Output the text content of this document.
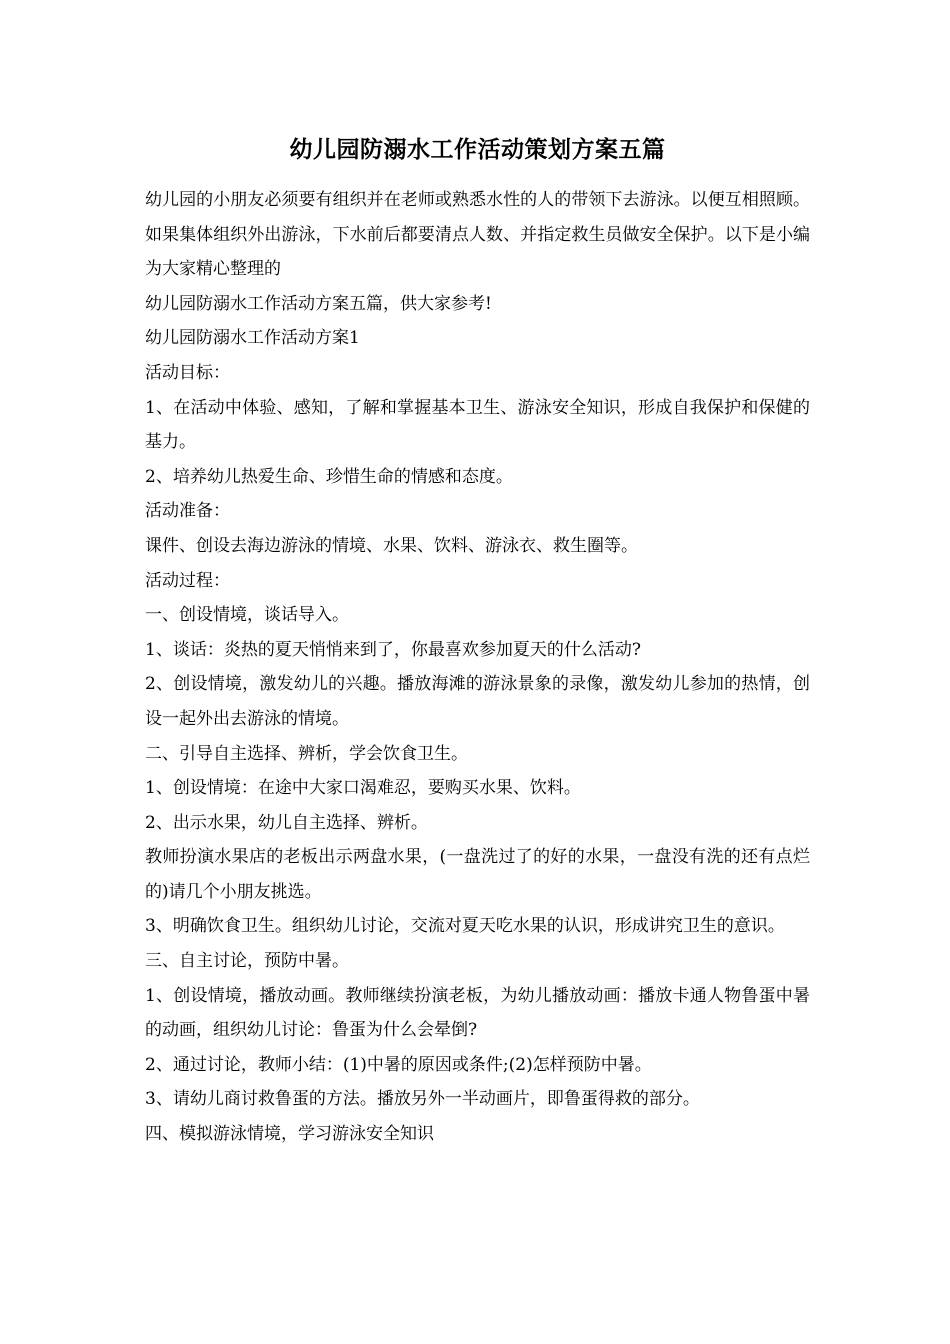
幼儿园防溺水工作活动策划方案五篇

幼儿园的小朋友必须要有组织并在老师或熟悉水性的人的带领下去游泳。以便互相照顾。如果集体组织外出游泳，下水前后都要清点人数、并指定救生员做安全保护。以下是小编为大家精心整理的

幼儿园防溺水工作活动方案五篇，供大家参考!

幼儿园防溺水工作活动方案1

活动目标：

1、在活动中体验、感知，了解和掌握基本卫生、游泳安全知识，形成自我保护和保健的基力。

2、培养幼儿热爱生命、珍惜生命的情感和态度。

活动准备：

课件、创设去海边游泳的情境、水果、饮料、游泳衣、救生圈等。

活动过程：

一、创设情境，谈话导入。

1、谈话：炎热的夏天悄悄来到了，你最喜欢参加夏天的什么活动?

2、创设情境，激发幼儿的兴趣。播放海滩的游泳景象的录像，激发幼儿参加的热情，创设一起外出去游泳的情境。

二、引导自主选择、辨析，学会饮食卫生。

1、创设情境：在途中大家口渴难忍，要购买水果、饮料。

2、出示水果，幼儿自主选择、辨析。

教师扮演水果店的老板出示两盘水果，(一盘洗过了的好的水果，一盘没有洗的还有点烂的)请几个小朋友挑选。

3、明确饮食卫生。组织幼儿讨论，交流对夏天吃水果的认识，形成讲究卫生的意识。

三、自主讨论，预防中暑。

1、创设情境，播放动画。教师继续扮演老板，为幼儿播放动画：播放卡通人物鲁蛋中暑的动画，组织幼儿讨论：鲁蛋为什么会晕倒?

2、通过讨论，教师小结：(1)中暑的原因或条件;(2)怎样预防中暑。

3、请幼儿商讨救鲁蛋的方法。播放另外一半动画片，即鲁蛋得救的部分。

四、模拟游泳情境，学习游泳安全知识
